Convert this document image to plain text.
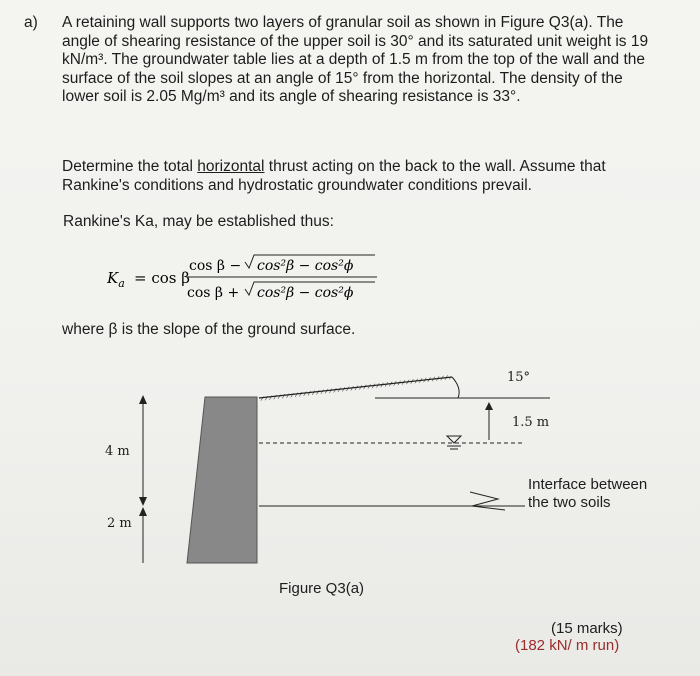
a) A retaining wall supports two layers of granular soil as shown in Figure Q3(a). The angle of shearing resistance of the upper soil is 30° and its saturated unit weight is 19 kN/m³. The groundwater table lies at a depth of 1.5 m from the top of the wall and the surface of the soil slopes at an angle of 15° from the horizontal. The density of the lower soil is 2.05 Mg/m³ and its angle of shearing resistance is 33°.
Determine the total horizontal thrust acting on the back to the wall. Assume that Rankine's conditions and hydrostatic groundwater conditions prevail.
Rankine's Ka, may be established thus:
$K_a = \cos \beta$
cos β − cos²β − cos²ϕ
cos β + cos²β − cos²ϕ
where β is the slope of the ground surface.
15°
1.5 m
4 m
2 m
Interface between
the two soils
Figure Q3(a)
(15 marks)
(182 kN/ m run)
